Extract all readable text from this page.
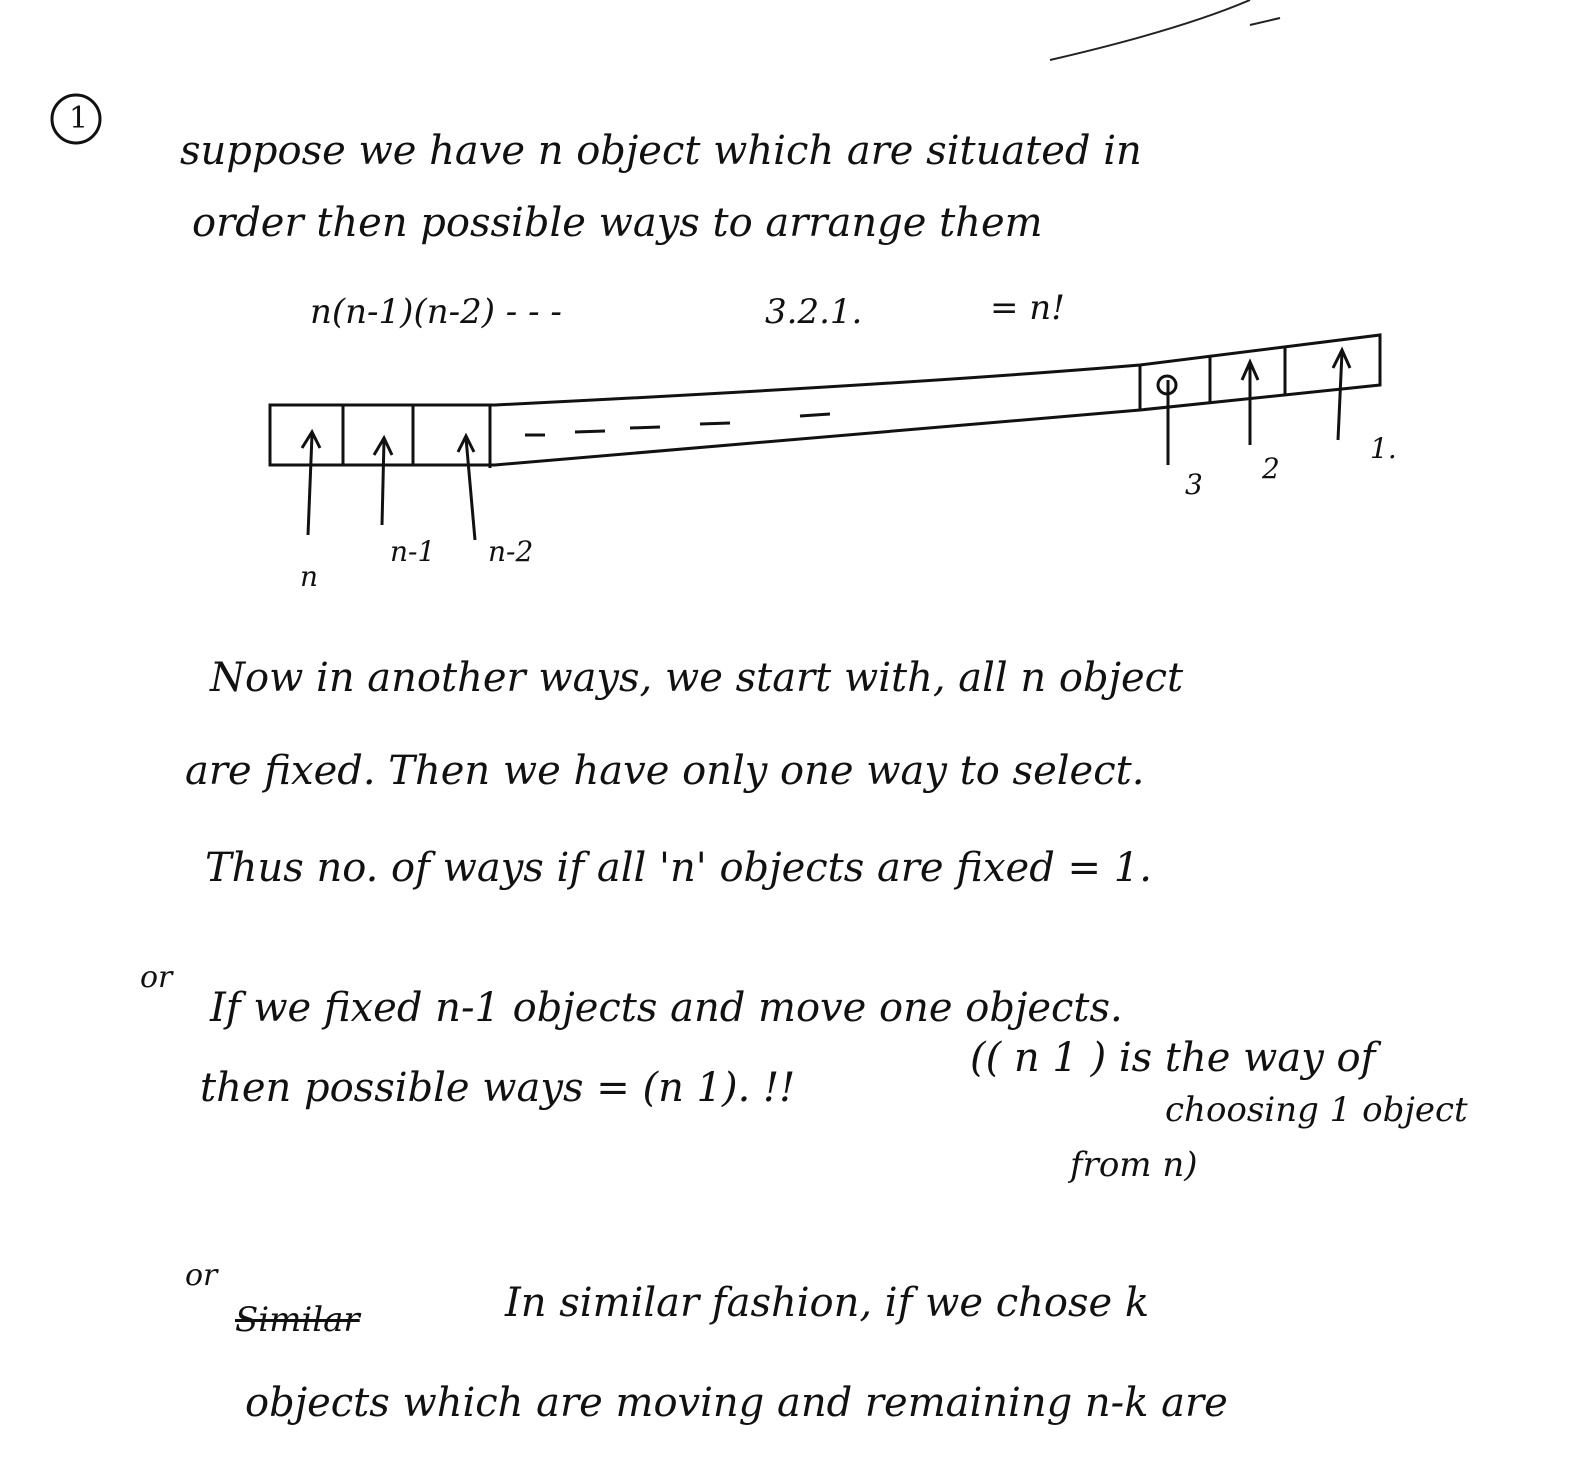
1
suppose we have n object which are situated in
order then possible ways to arrange them
n(n-1)(n-2) - - -	3.2.1.	= n!
n
n-1 n-2
3 2
1.
Now in another ways, we start with, all n object
are fixed. Then we have only one way to select.
Thus no. of ways if all 'n' objects are fixed = 1.
or
If we fixed n-1 objects and move one objects.
then possible ways = (n 1). !!
(( n 1 ) is the way of
choosing 1 object
from n)
or
Similar	In similar fashion, if we chose k
objects which are moving and remaining n-k are
